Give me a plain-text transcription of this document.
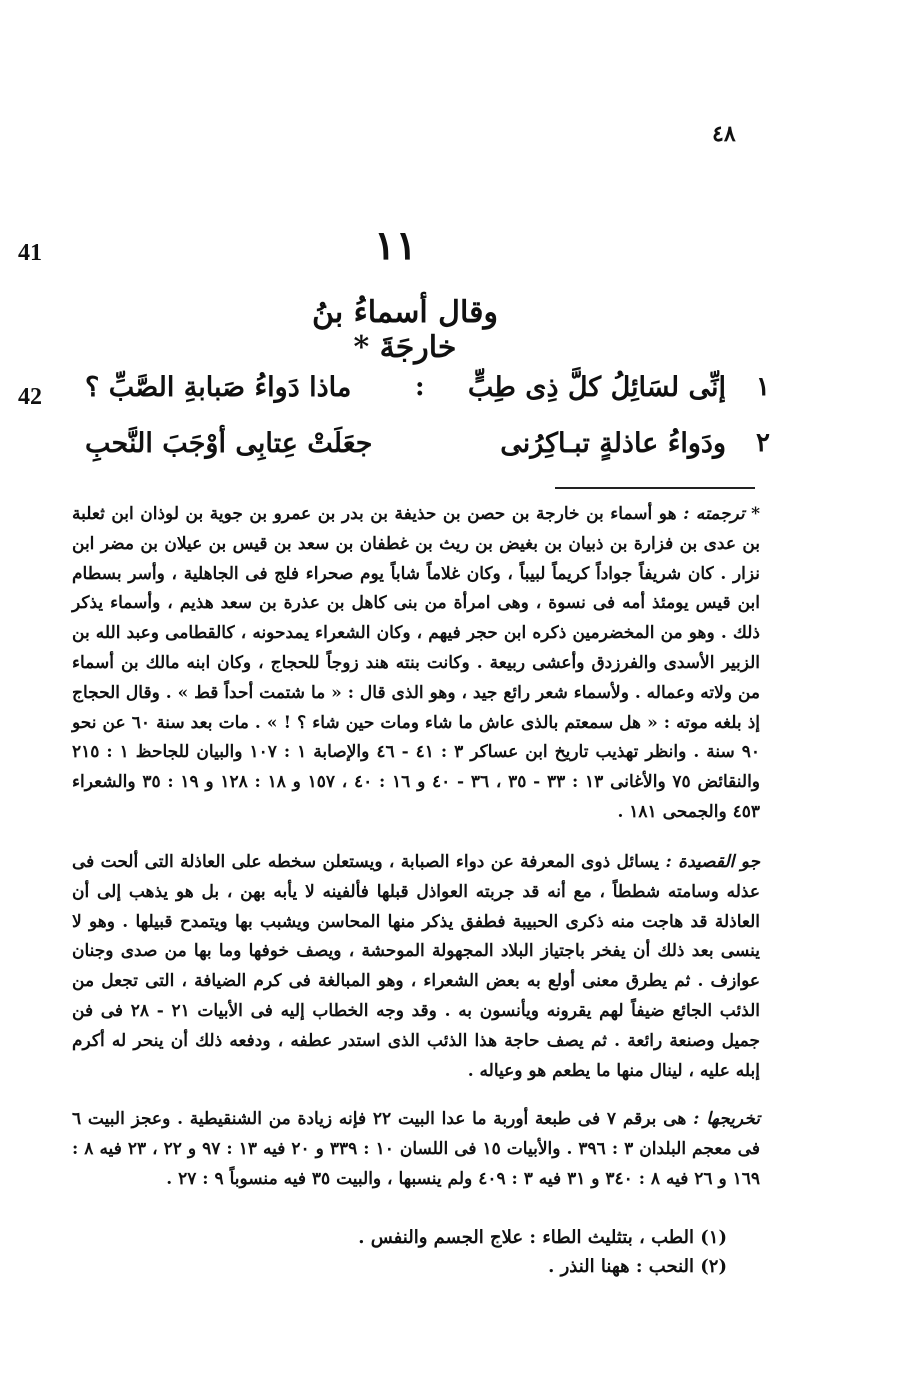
٤٨
41
42
١١
وقال أسماءُ بنُ خارجَةَ *
١
إنِّى لسَائِلُ كلَّ ذِى طِبٍّ
:
ماذا دَواءُ صَبابةِ الصَّبِّ ؟
٢
ودَواءُ عاذلةٍ تبـاكِرُنى
جعَلَتْ عِتابِى أوْجَبَ النَّحبِ
* ترجمته : هو أسماء بن خارجة بن حصن بن حذيفة بن بدر بن عمرو بن جوية بن لوذان ابن ثعلبة بن عدى بن فزارة بن ذبيان بن بغيض بن ريث بن غطفان بن سعد بن قيس بن عيلان بن مضر ابن نزار . كان شريفاً جواداً كريماً لبيباً ، وكان غلاماً شاباً يوم صحراء فلج فى الجاهلية ، وأسر بسطام ابن قيس يومئذ أمه فى نسوة ، وهى امرأة من بنى كاهل بن عذرة بن سعد هذيم ، وأسماء يذكر ذلك . وهو من المخضرمين ذكره ابن حجر فيهم ، وكان الشعراء يمدحونه ، كالقطامى وعبد الله بن الزبير الأسدى والفرزدق وأعشى ربيعة . وكانت بنته هند زوجاً للحجاج ، وكان ابنه مالك بن أسماء من ولاته وعماله . ولأسماء شعر رائع جيد ، وهو الذى قال : « ما شتمت أحداً قط » . وقال الحجاج إذ بلغه موته : « هل سمعتم بالذى عاش ما شاء ومات حين شاء ؟ ! » . مات بعد سنة ٦٠ عن نحو ٩٠ سنة . وانظر تهذيب تاريخ ابن عساكر ٣ : ٤١ - ٤٦ والإصابة ١ : ١٠٧ والبيان للجاحظ ١ : ٢١٥ والنقائض ٧٥ والأغانى ١٣ : ٣٣ - ٣٥ ، ٣٦ - ٤٠ و ١٦ : ٤٠ ، ١٥٧ و ١٨ : ١٢٨ و ١٩ : ٣٥ والشعراء ٤٥٣ والجمحى ١٨١ .
جو القصيدة : يسائل ذوى المعرفة عن دواء الصبابة ، ويستعلن سخطه على العاذلة التى ألحت فى عذله وسامته شططاً ، مع أنه قد جربته العواذل قبلها فألفينه لا يأبه بهن ، بل هو يذهب إلى أن العاذلة قد هاجت منه ذكرى الحبيبة فطفق يذكر منها المحاسن ويشبب بها ويتمدح قبيلها . وهو لا ينسى بعد ذلك أن يفخر باجتياز البلاد المجهولة الموحشة ، ويصف خوفها وما بها من صدى وجنان عوازف . ثم يطرق معنى أولع به بعض الشعراء ، وهو المبالغة فى كرم الضيافة ، التى تجعل من الذئب الجائع ضيفاً لهم يقرونه ويأنسون به . وقد وجه الخطاب إليه فى الأبيات ٢١ - ٢٨ فى فن جميل وصنعة رائعة . ثم يصف حاجة هذا الذئب الذى استدر عطفه ، ودفعه ذلك أن ينحر له أكرم إبله عليه ، لينال منها ما يطعم هو وعياله .
تخريجها : هى برقم ٧ فى طبعة أوربة ما عدا البيت ٢٢ فإنه زيادة من الشنقيطية . وعجز البيت ٦ فى معجم البلدان ٣ : ٣٩٦ . والأبيات ١٥ فى اللسان ١٠ : ٣٣٩ و ٢٠ فيه ١٣ : ٩٧ و ٢٢ ، ٢٣ فيه ٨ : ١٦٩ و ٢٦ فيه ٨ : ٣٤٠ و ٣١ فيه ٣ : ٤٠٩ ولم ينسبها ، والبيت ٣٥ فيه منسوباً ٩ : ٢٧ .
(١) الطب ، بتثليث الطاء : علاج الجسم والنفس .
(٢) النحب : ههنا النذر .
